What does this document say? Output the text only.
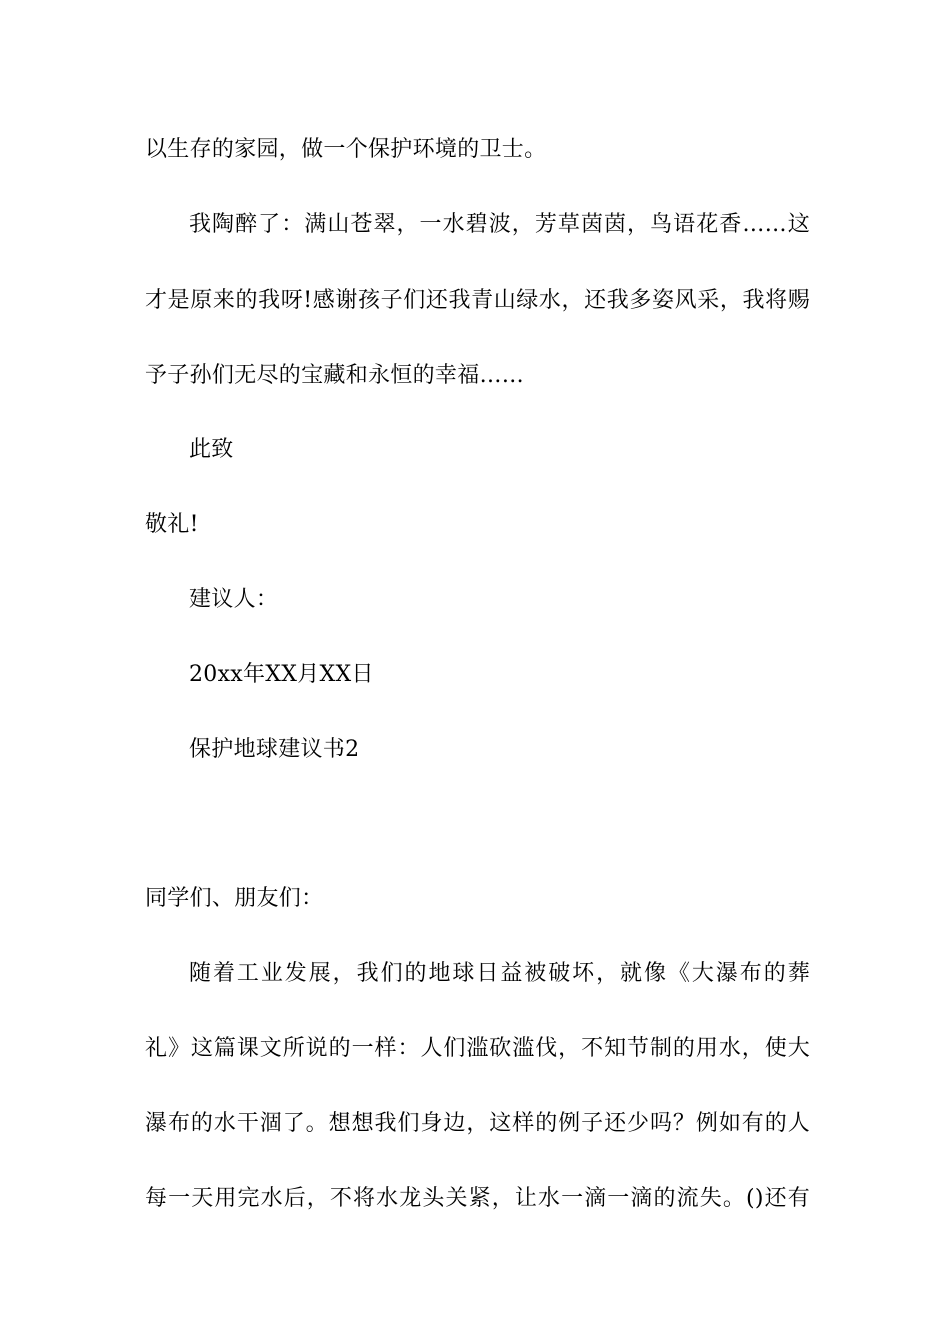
以生存的家园，做一个保护环境的卫士。
我陶醉了：满山苍翠，一水碧波，芳草茵茵，鸟语花香……这
才是原来的我呀!感谢孩子们还我青山绿水，还我多姿风采，我将赐
予子孙们无尽的宝藏和永恒的幸福……
此致
敬礼!
建议人：
20xx年XX月XX日
保护地球建议书2
同学们、朋友们：
随着工业发展，我们的地球日益被破坏，就像《大瀑布的葬
礼》这篇课文所说的一样：人们滥砍滥伐，不知节制的用水，使大
瀑布的水干涸了。想想我们身边，这样的例子还少吗？例如有的人
每一天用完水后，不将水龙头关紧，让水一滴一滴的流失。()还有
